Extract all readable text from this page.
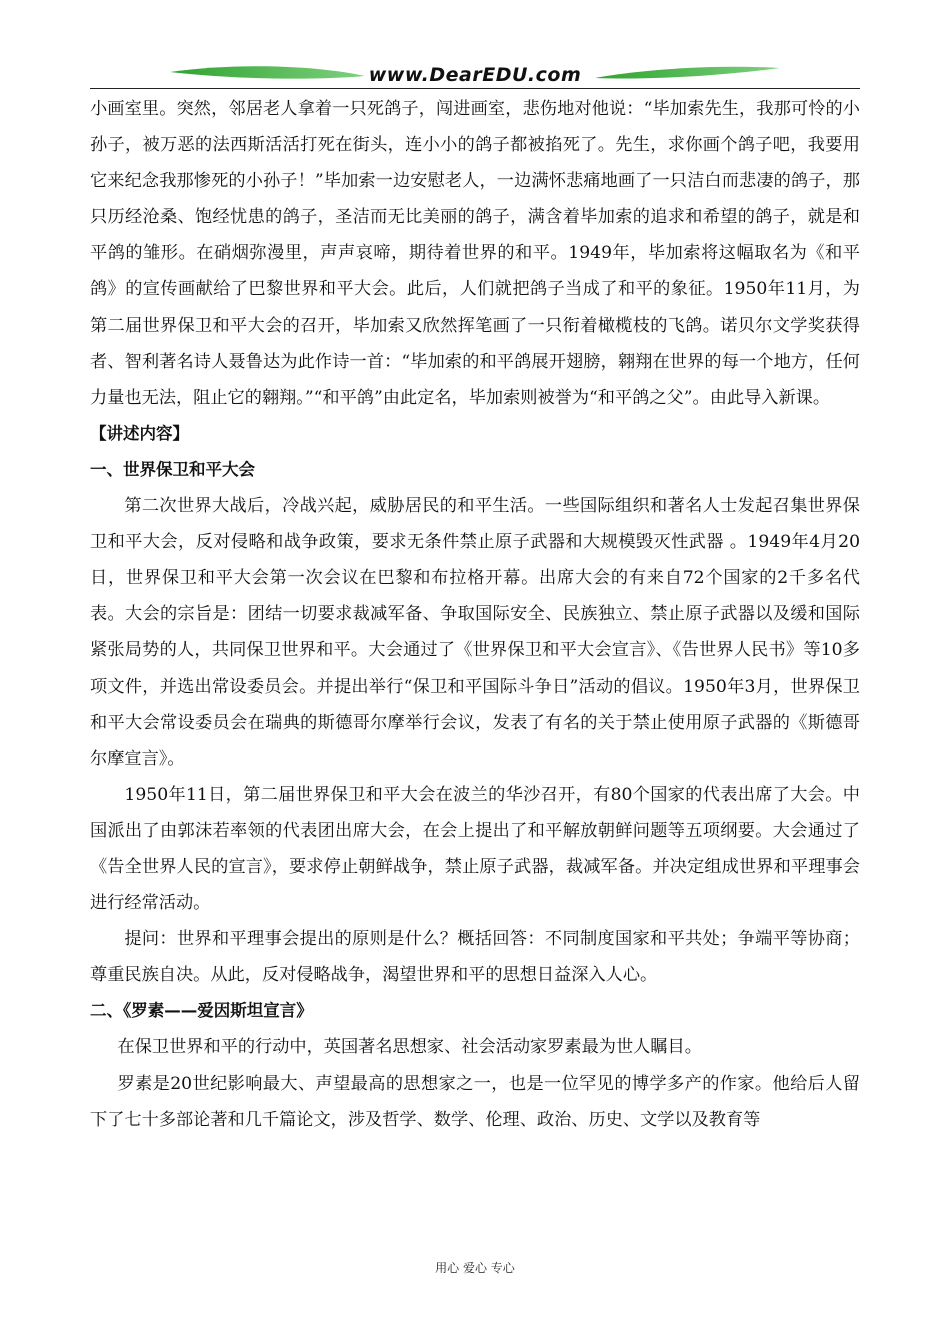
www.DearEDU.com

小画室里。突然，邻居老人拿着一只死鸽子，闯进画室，悲伤地对他说：“毕加索先生，我那可怜的小孙子，被万恶的法西斯活活打死在街头，连小小的鸽子都被掐死了。先生，求你画个鸽子吧，我要用它来纪念我那惨死的小孙子！”毕加索一边安慰老人，一边满怀悲痛地画了一只洁白而悲凄的鸽子，那只历经沧桑、饱经忧患的鸽子，圣洁而无比美丽的鸽子，满含着毕加索的追求和希望的鸽子，就是和平鸽的雏形。在硝烟弥漫里，声声哀啼，期待着世界的和平。1949年，毕加索将这幅取名为《和平鸽》的宣传画献给了巴黎世界和平大会。此后，人们就把鸽子当成了和平的象征。1950年11月，为第二届世界保卫和平大会的召开，毕加索又欣然挥笔画了一只衔着橄榄枝的飞鸽。诺贝尔文学奖获得者、智利著名诗人聂鲁达为此作诗一首：“毕加索的和平鸽展开翅膀，翱翔在世界的每一个地方，任何力量也无法，阻止它的翱翔。”“和平鸽”由此定名，毕加索则被誉为“和平鸽之父”。由此导入新课。

【讲述内容】

一、世界保卫和平大会

第二次世界大战后，冷战兴起，威胁居民的和平生活。一些国际组织和著名人士发起召集世界保卫和平大会，反对侵略和战争政策，要求无条件禁止原子武器和大规模毁灭性武器 。1949年4月20日，世界保卫和平大会第一次会议在巴黎和布拉格开幕。出席大会的有来自72个国家的2千多名代表。大会的宗旨是：团结一切要求裁减军备、争取国际安全、民族独立、禁止原子武器以及缓和国际紧张局势的人，共同保卫世界和平。大会通过了《世界保卫和平大会宣言》、《告世界人民书》等10多项文件，并选出常设委员会。并提出举行“保卫和平国际斗争日”活动的倡议。1950年3月，世界保卫和平大会常设委员会在瑞典的斯德哥尔摩举行会议，发表了有名的关于禁止使用原子武器的《斯德哥尔摩宣言》。

1950年11日，第二届世界保卫和平大会在波兰的华沙召开，有80个国家的代表出席了大会。中国派出了由郭沫若率领的代表团出席大会，在会上提出了和平解放朝鲜问题等五项纲要。大会通过了《告全世界人民的宣言》，要求停止朝鲜战争，禁止原子武器，裁减军备。并决定组成世界和平理事会进行经常活动。

提问：世界和平理事会提出的原则是什么？概括回答：不同制度国家和平共处；争端平等协商；尊重民族自决。从此，反对侵略战争，渴望世界和平的思想日益深入人心。

二、《罗素——爱因斯坦宣言》

在保卫世界和平的行动中，英国著名思想家、社会活动家罗素最为世人瞩目。

罗素是20世纪影响最大、声望最高的思想家之一，也是一位罕见的博学多产的作家。他给后人留下了七十多部论著和几千篇论文，涉及哲学、数学、伦理、政治、历史、文学以及教育等

用心 爱心 专心
